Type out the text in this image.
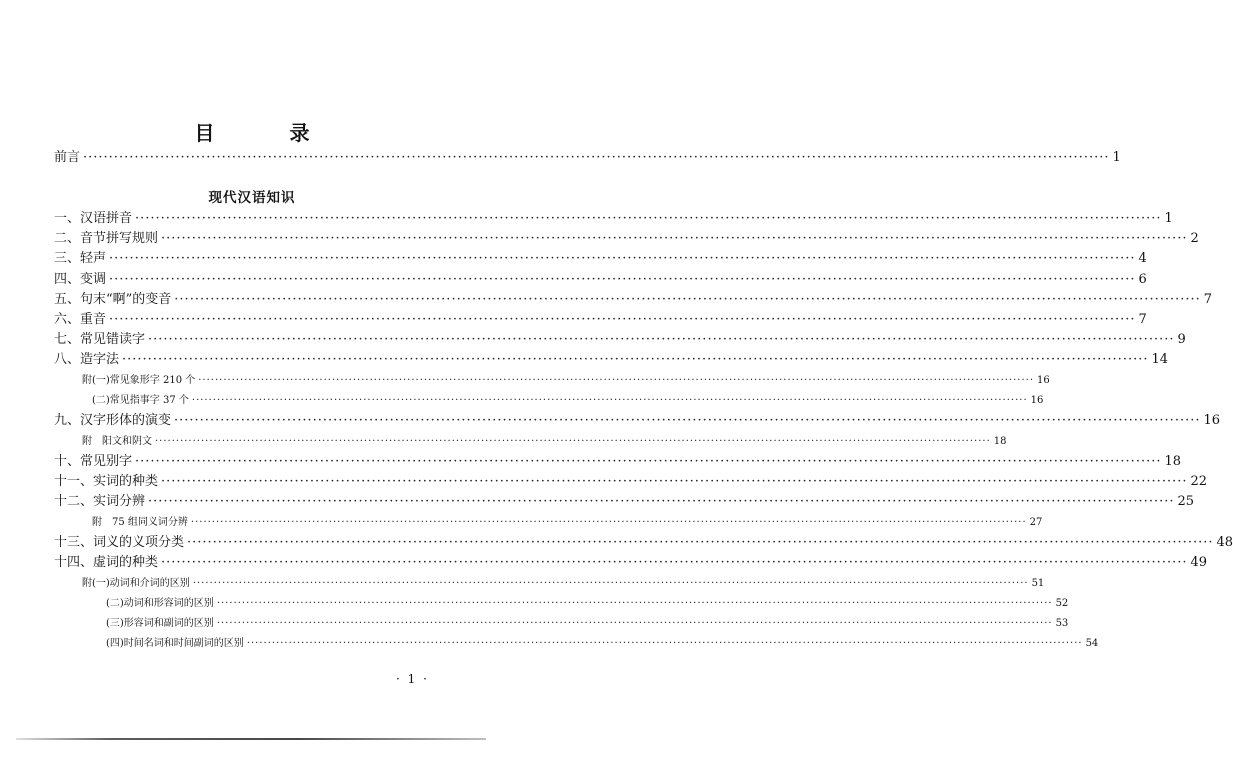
目 录
现代汉语知识
前言 ········································································································································································································ 1
一、汉语拼音 ········································································································································································································ 1
二、音节拼写规则 ········································································································································································································ 2
三、轻声 ········································································································································································································ 4
四、变调 ········································································································································································································ 6
五、句末“啊”的变音 ········································································································································································································ 7
六、重音 ········································································································································································································ 7
七、常见错读字 ········································································································································································································ 9
八、造字法 ········································································································································································································ 14
附(一)常见象形字 210 个 ········································································································································································································ 16
(二)常见指事字 37 个 ········································································································································································································ 16
九、汉字形体的演变 ········································································································································································································ 16
附　阳文和阴文 ········································································································································································································ 18
十、常见别字 ········································································································································································································ 18
十一、实词的种类 ········································································································································································································ 22
十二、实词分辨 ········································································································································································································ 25
附　75 组同义词分辨 ········································································································································································································ 27
十三、词义的义项分类 ········································································································································································································ 48
十四、虚词的种类 ········································································································································································································ 49
附(一)动词和介词的区别 ········································································································································································································ 51
(二)动词和形容词的区别 ········································································································································································································ 52
(三)形容词和副词的区别 ········································································································································································································ 53
(四)时间名词和时间副词的区别 ········································································································································································································ 54
· 1 ·
